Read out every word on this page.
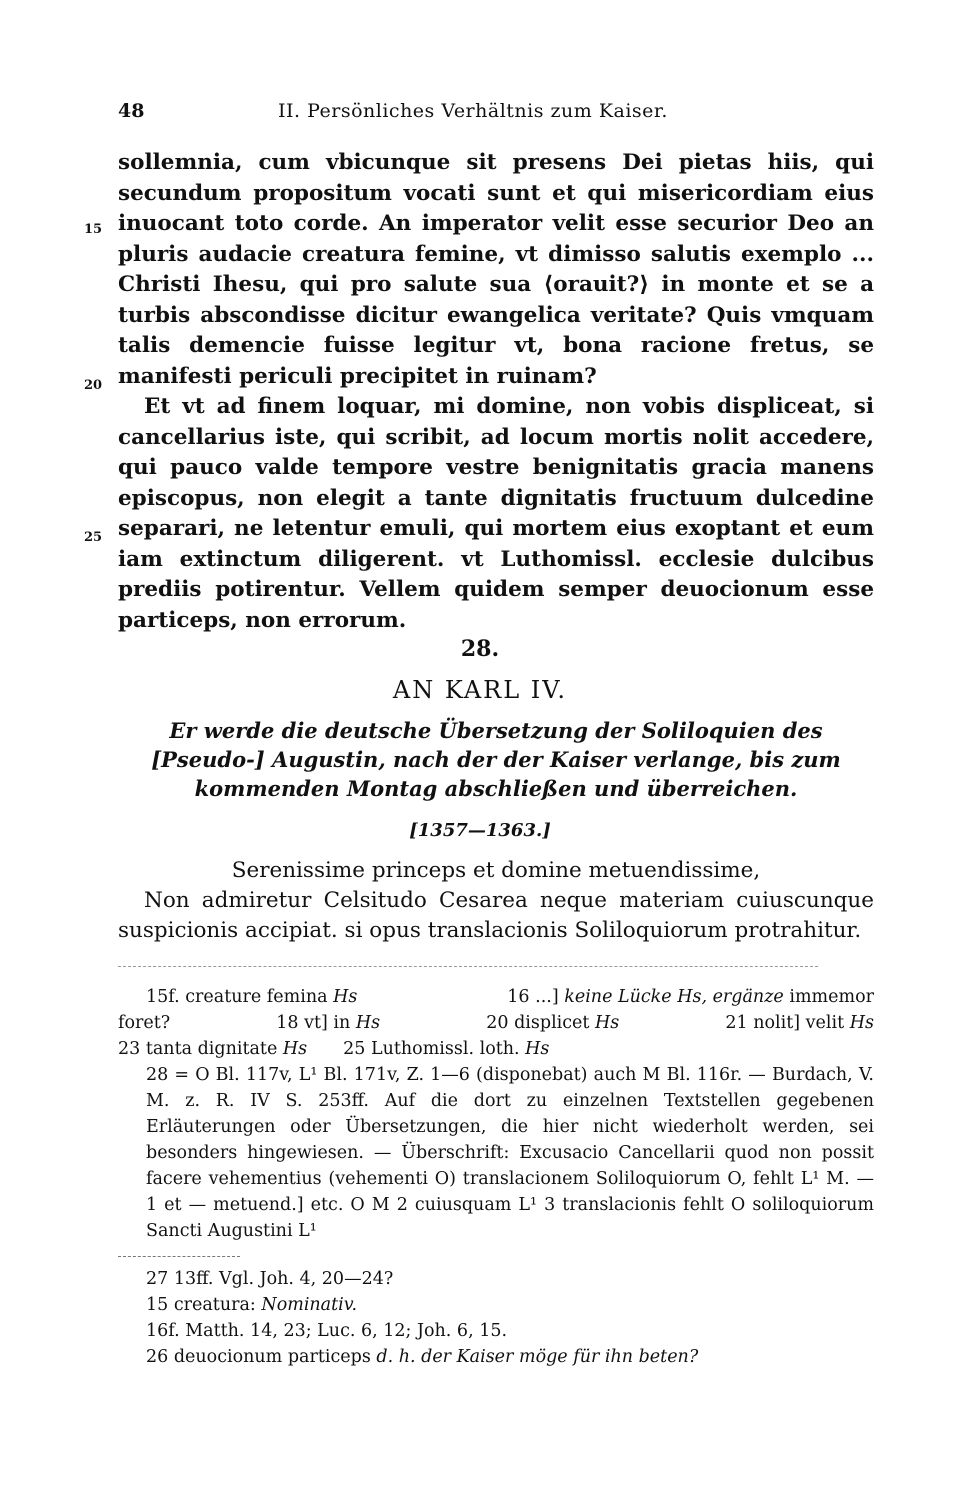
48	II. Persönliches Verhältnis zum Kaiser.
15
20
25

sollemnia, cum vbicunque sit presens Dei pietas hiis, qui secundum propositum vocati sunt et qui misericordiam eius inuocant toto corde. An imperator velit esse securior Deo an pluris audacie creatura femine, vt dimisso salutis exemplo ... Christi Ihesu, qui pro salute sua ⟨orauit?⟩ in monte et se a turbis abscondisse dicitur ewangelica veritate? Quis vmquam talis demencie fuisse legitur vt, bona racione fretus, se manifesti periculi precipitet in ruinam?

Et vt ad finem loquar, mi domine, non vobis displiceat, si cancellarius iste, qui scribit, ad locum mortis nolit accedere, qui pauco valde tempore vestre benignitatis gracia manens episcopus, non elegit a tante dignitatis fructuum dulcedine separari, ne letentur emuli, qui mortem eius exoptant et eum iam extinctum diligerent. vt Luthomissl. ecclesie dulcibus prediis potirentur. Vellem quidem semper deuocionum esse particeps, non errorum.

28.
AN KARL IV.
Er werde die deutsche Übersetzung der Soliloquien des [Pseudo-] Augustin, nach der der Kaiser verlange, bis zum kommenden Montag abschließen und überreichen.
[1357—1363.]

Serenissime princeps et domine metuendissime,

Non admiretur Celsitudo Cesarea neque materiam cuiuscunque suspicionis accipiat. si opus translacionis Soliloquiorum protrahitur.

15f. creature femina Hs	16 ...] keine Lücke Hs, ergänze immemor
foret?	18 vt] in Hs	20 displicet Hs	21 nolit] velit Hs
23 tanta dignitate Hs 25 Luthomissl. loth. Hs

28 = O Bl. 117v, L¹ Bl. 171v, Z. 1—6 (disponebat) auch M Bl. 116r. — Burdach, V. M. z. R. IV S. 253ff. Auf die dort zu einzelnen Textstellen gegebenen Erläuterungen oder Übersetzungen, die hier nicht wiederholt werden, sei besonders hingewiesen. — Überschrift: Excusacio Cancellarii quod non possit facere vehementius (vehementi O) translacionem Soliloquiorum O, fehlt L¹ M. — 1 et — metuend.] etc. O M 2 cuiusquam L¹ 3 translacionis fehlt O soliloquiorum Sancti Augustini L¹

27 13ff. Vgl. Joh. 4, 20—24?

15 creatura: Nominativ.

16f. Matth. 14, 23; Luc. 6, 12; Joh. 6, 15.

26 deuocionum particeps d. h. der Kaiser möge für ihn beten?
